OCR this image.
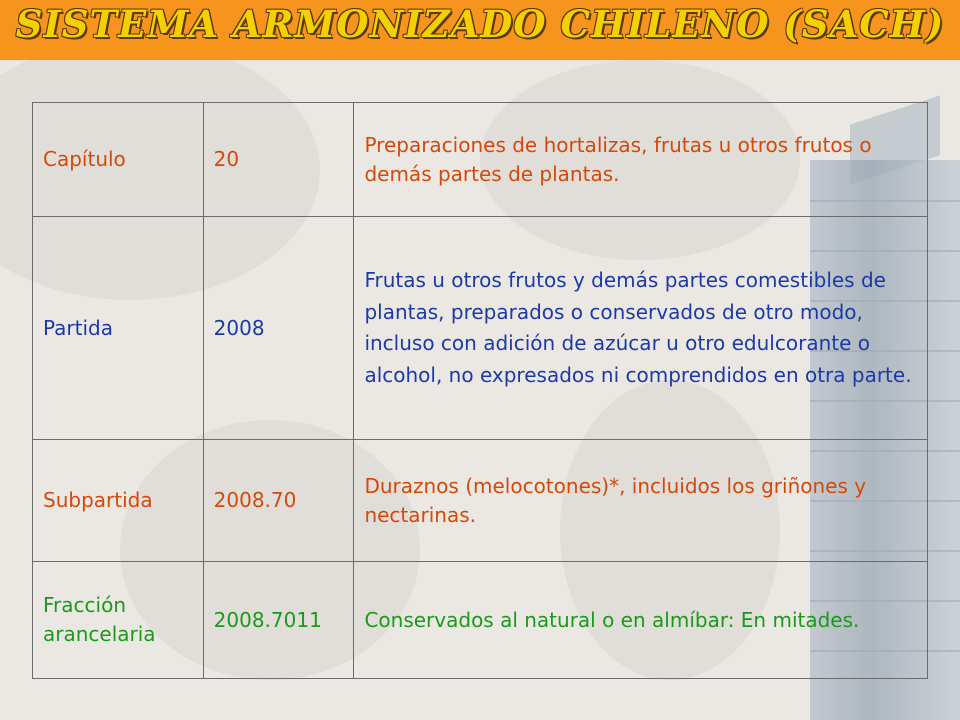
SISTEMA ARMONIZADO CHILENO (SACH)
Capítulo	20	Preparaciones de hortalizas, frutas u otros frutos o demás partes de plantas.
Partida	2008	Frutas u otros frutos y demás partes comestibles de plantas, preparados o conservados de otro modo, incluso con adición de azúcar u otro edulcorante o alcohol, no expresados ni comprendidos en otra parte.
Subpartida	2008.70	Duraznos (melocotones)*, incluidos los griñones y nectarinas.
Fracción arancelaria	2008.7011	Conservados al natural o en almíbar: En mitades.
